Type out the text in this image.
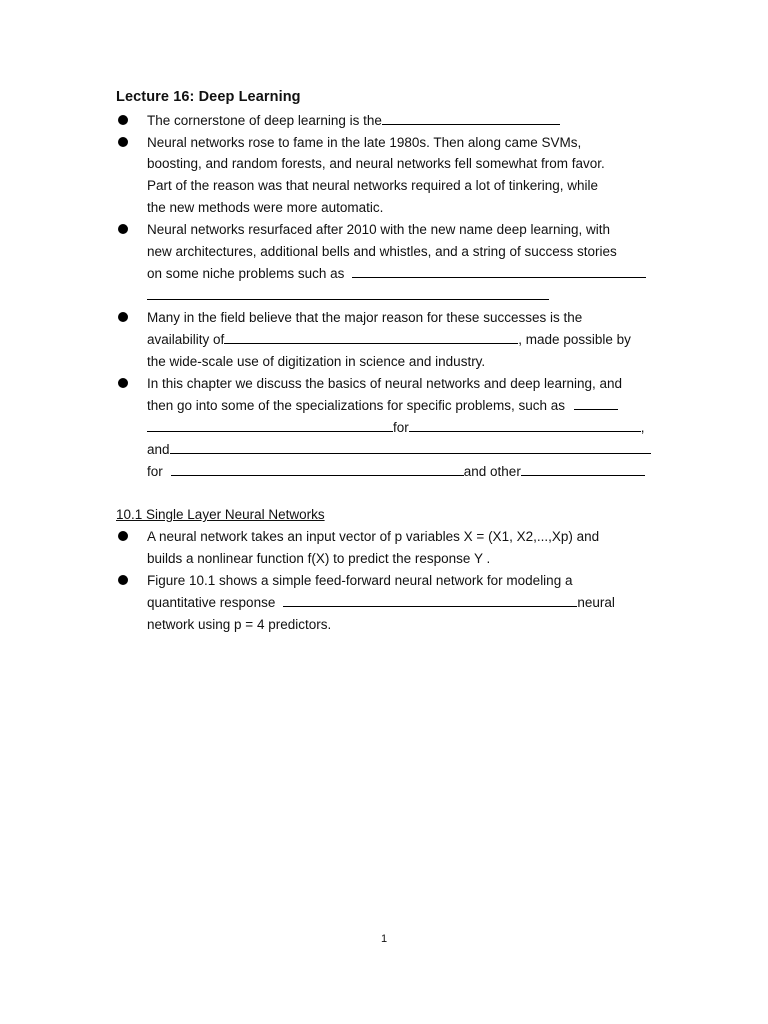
Lecture 16: Deep Learning
The cornerstone of deep learning is the
Neural networks rose to fame in the late 1980s. Then along came SVMs,
boosting, and random forests, and neural networks fell somewhat from favor.
Part of the reason was that neural networks required a lot of tinkering, while
the new methods were more automatic.
Neural networks resurfaced after 2010 with the new name deep learning, with
new architectures, additional bells and whistles, and a string of success stories
on some niche problems such as
Many in the field believe that the major reason for these successes is the
availability of	, made possible by
the wide-scale use of digitization in science and industry.
In this chapter we discuss the basics of neural networks and deep learning, and
then go into some of the specializations for specific problems, such as
for	,
and
for	and other
10.1 Single Layer Neural Networks
A neural network takes an input vector of p variables X = (X1, X2,...,Xp) and
builds a nonlinear function f(X) to predict the response Y .
Figure 10.1 shows a simple feed-forward neural network for modeling a
quantitative response	neural
network using p = 4 predictors.
1
